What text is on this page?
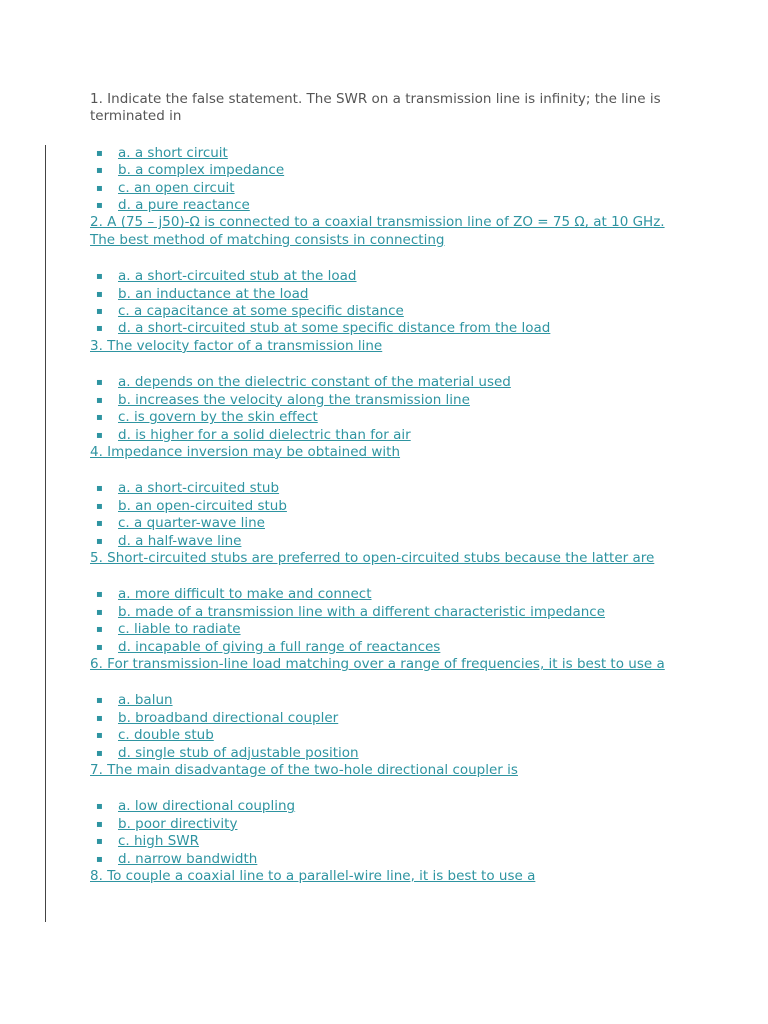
1. Indicate the false statement. The SWR on a transmission line is infinity; the line is terminated in

▪ a. a short circuit
▪ b. a complex impedance
▪ c. an open circuit
▪ d. a pure reactance

2. A (75 – j50)-Ω is connected to a coaxial transmission line of ZO = 75 Ω, at 10 GHz. The best method of matching consists in connecting

▪ a. a short-circuited stub at the load
▪ b. an inductance at the load
▪ c. a capacitance at some specific distance
▪ d. a short-circuited stub at some specific distance from the load

3. The velocity factor of a transmission line

▪ a. depends on the dielectric constant of the material used
▪ b. increases the velocity along the transmission line
▪ c. is govern by the skin effect
▪ d. is higher for a solid dielectric than for air

4. Impedance inversion may be obtained with

▪ a. a short-circuited stub
▪ b. an open-circuited stub
▪ c. a quarter-wave line
▪ d. a half-wave line

5. Short-circuited stubs are preferred to open-circuited stubs because the latter are

▪ a. more difficult to make and connect
▪ b. made of a transmission line with a different characteristic impedance
▪ c. liable to radiate
▪ d. incapable of giving a full range of reactances

6. For transmission-line load matching over a range of frequencies, it is best to use a

▪ a. balun
▪ b. broadband directional coupler
▪ c. double stub
▪ d. single stub of adjustable position

7. The main disadvantage of the two-hole directional coupler is

▪ a. low directional coupling
▪ b. poor directivity
▪ c. high SWR
▪ d. narrow bandwidth

8. To couple a coaxial line to a parallel-wire line, it is best to use a
